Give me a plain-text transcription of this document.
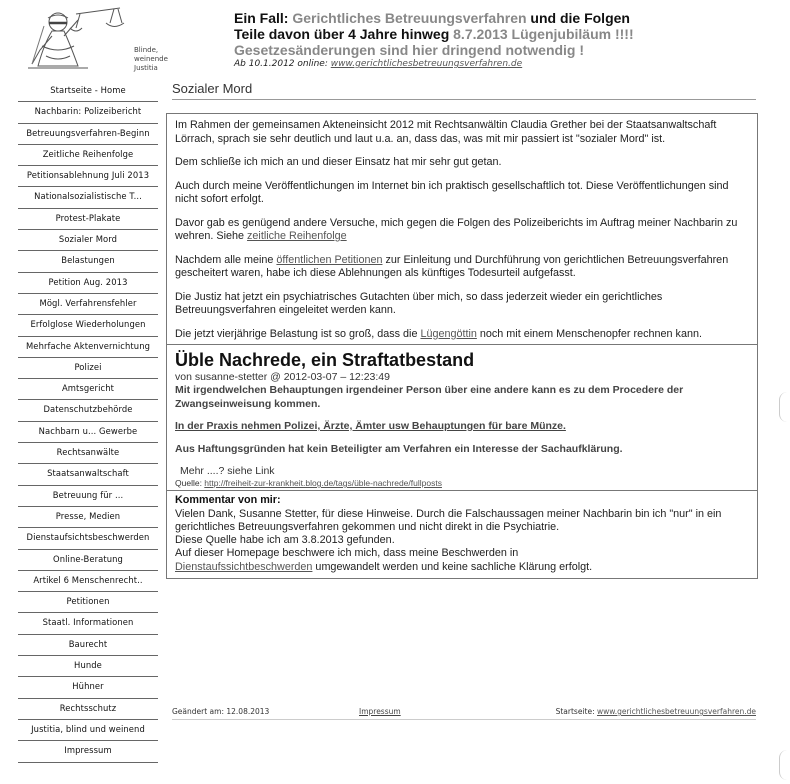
Blinde,
weinende
Justitia
Ein Fall: Gerichtliches Betreuungsverfahren und die Folgen
Teile davon über 4 Jahre hinweg 8.7.2013 Lügenjubiläum !!!!
Gesetzesänderungen sind hier dringend notwendig !
Ab 10.1.2012 online: www.gerichtlichesbetreuungsverfahren.de
Startseite - Home
Nachbarin: Polizeibericht
Betreuungsverfahren-Beginn
Zeitliche Reihenfolge
Petitionsablehnung Juli 2013
Nationalsozialistische T...
Protest-Plakate
Sozialer Mord
Belastungen
Petition Aug. 2013
Mögl. Verfahrensfehler
Erfolglose Wiederholungen
Mehrfache Aktenvernichtung
Polizei
Amtsgericht
Datenschutzbehörde
Nachbarn u... Gewerbe
Rechtsanwälte
Staatsanwaltschaft
Betreuung für ...
Presse, Medien
Dienstaufsichtsbeschwerden
Online-Beratung
Artikel 6 Menschenrecht..
Petitionen
Staatl. Informationen
Baurecht
Hunde
Hühner
Rechtsschutz
Justitia, blind und weinend
Impressum
Sozialer Mord

Im Rahmen der gemeinsamen Akteneinsicht 2012 mit Rechtsanwältin Claudia Grether bei der Staatsanwaltschaft Lörrach, sprach sie sehr deutlich und laut u.a. an, dass das, was mit mir passiert ist "sozialer Mord" ist.

Dem schließe ich mich an und dieser Einsatz hat mir sehr gut getan.

Auch durch meine Veröffentlichungen im Internet bin ich praktisch gesellschaftlich tot. Diese Veröffentlichungen sind nicht sofort erfolgt.

Davor gab es genügend andere Versuche, mich gegen die Folgen des Polizeiberichts im Auftrag meiner Nachbarin zu wehren. Siehe zeitliche Reihenfolge

Nachdem alle meine öffentlichen Petitionen zur Einleitung und Durchführung von gerichtlichen Betreuungsverfahren gescheitert waren, habe ich diese Ablehnungen als künftiges Todesurteil aufgefasst.

Die Justiz hat jetzt ein psychiatrisches Gutachten über mich, so dass jederzeit wieder ein gerichtliches Betreuungsverfahren eingeleitet werden kann.

Die jetzt vierjährige Belastung ist so groß, dass die Lügengöttin noch mit einem Menschenopfer rechnen kann.

Üble Nachrede, ein Straftatbestand
von susanne-stetter @ 2012-03-07 – 12:23:49
Mit irgendwelchen Behauptungen irgendeiner Person über eine andere kann es zu dem Procedere der Zwangseinweisung kommen.
In der Praxis nehmen Polizei, Ärzte, Ämter usw Behauptungen für bare Münze.
Aus Haftungsgründen hat kein Beteiligter am Verfahren ein Interesse der Sachaufklärung.
Mehr ....? siehe Link
Quelle: http://freiheit-zur-krankheit.blog.de/tags/üble-nachrede/fullposts
Kommentar von mir:
Vielen Dank, Susanne Stetter, für diese Hinweise. Durch die Falschaussagen meiner Nachbarin bin ich "nur" in ein gerichtliches Betreuungsverfahren gekommen und nicht direkt in die Psychiatrie.
Diese Quelle habe ich am 3.8.2013 gefunden.
Auf dieser Homepage beschwere ich mich, dass meine Beschwerden in
Dienstaufssichtbeschwerden umgewandelt werden und keine sachliche Klärung erfolgt.
Geändert am: 12.08.2013	Impressum	Startseite: www.gerichtlichesbetreuungsverfahren.de
